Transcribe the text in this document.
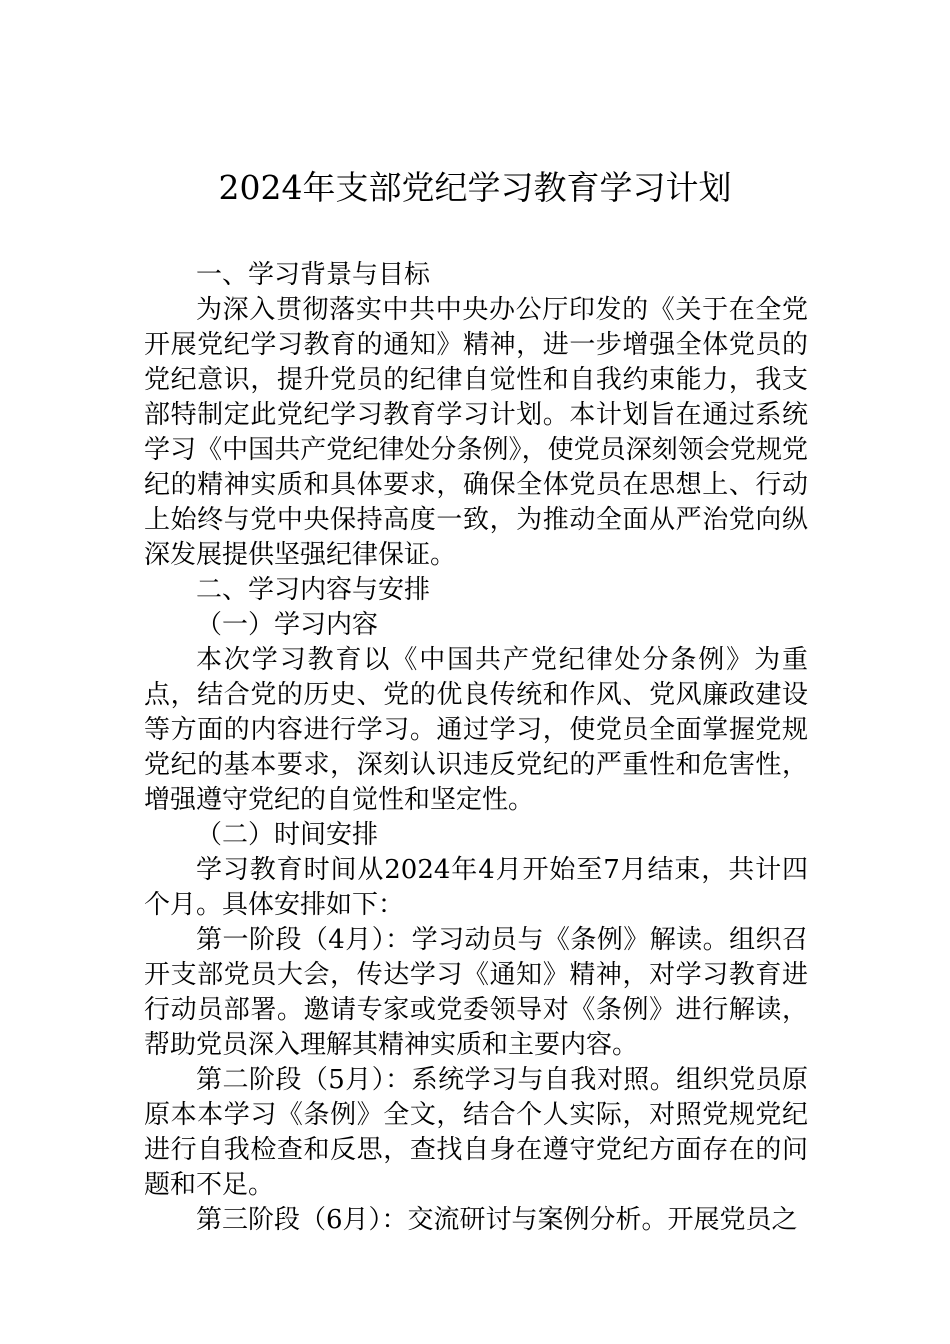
2024年支部党纪学习教育学习计划

一、学习背景与目标

为深入贯彻落实中共中央办公厅印发的《关于在全党开展党纪学习教育的通知》精神，进一步增强全体党员的党纪意识，提升党员的纪律自觉性和自我约束能力，我支部特制定此党纪学习教育学习计划。本计划旨在通过系统学习《中国共产党纪律处分条例》，使党员深刻领会党规党纪的精神实质和具体要求，确保全体党员在思想上、行动上始终与党中央保持高度一致，为推动全面从严治党向纵深发展提供坚强纪律保证。

二、学习内容与安排

（一）学习内容

本次学习教育以《中国共产党纪律处分条例》为重点，结合党的历史、党的优良传统和作风、党风廉政建设等方面的内容进行学习。通过学习，使党员全面掌握党规党纪的基本要求，深刻认识违反党纪的严重性和危害性，增强遵守党纪的自觉性和坚定性。

（二）时间安排

学习教育时间从2024年4月开始至7月结束，共计四个月。具体安排如下：

第一阶段（4月）：学习动员与《条例》解读。组织召开支部党员大会，传达学习《通知》精神，对学习教育进行动员部署。邀请专家或党委领导对《条例》进行解读，帮助党员深入理解其精神实质和主要内容。

第二阶段（5月）：系统学习与自我对照。组织党员原原本本学习《条例》全文，结合个人实际，对照党规党纪进行自我检查和反思，查找自身在遵守党纪方面存在的问题和不足。

第三阶段（6月）：交流研讨与案例分析。开展党员之
